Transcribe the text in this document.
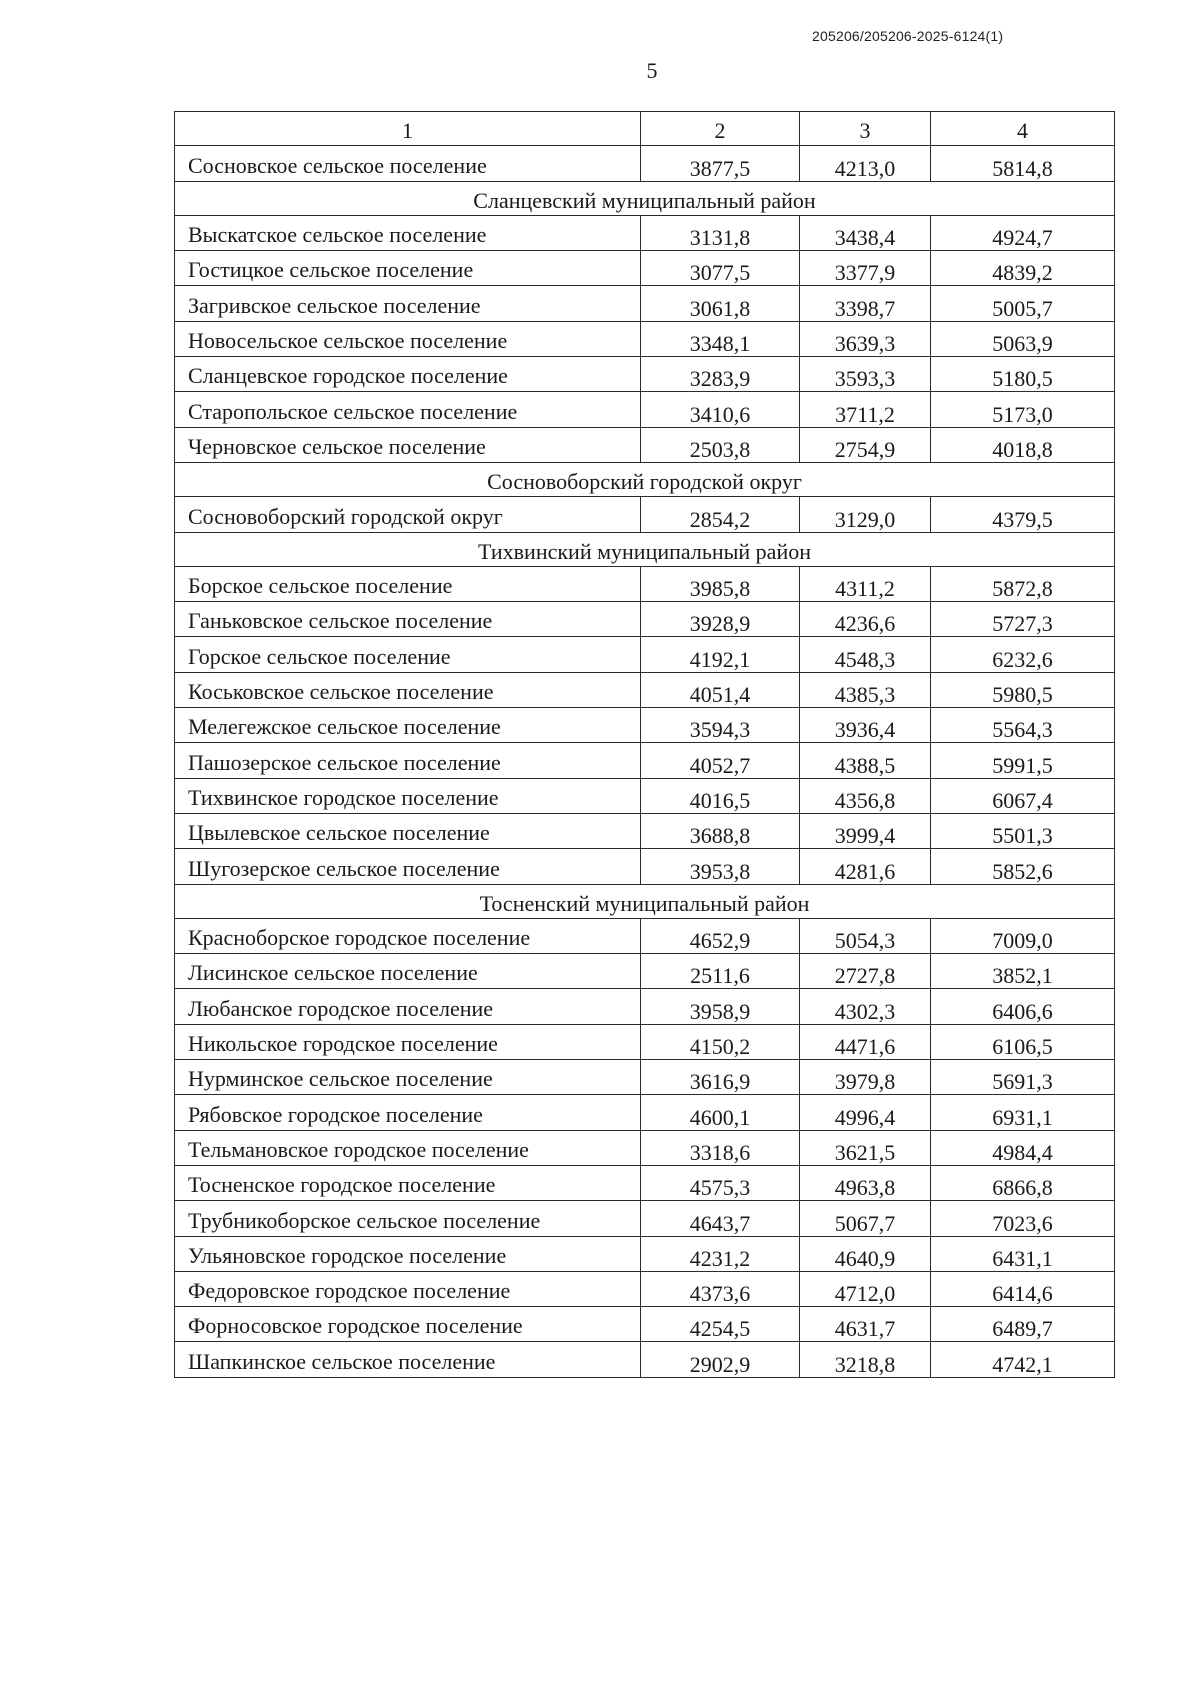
205206/205206-2025-6124(1)
5
1	2	3	4
Сосновское сельское поселение	3877,5	4213,0	5814,8
Сланцевский муниципальный район			
Выскатское сельское поселение	3131,8	3438,4	4924,7
Гостицкое сельское поселение	3077,5	3377,9	4839,2
Загривское сельское поселение	3061,8	3398,7	5005,7
Новосельское сельское поселение	3348,1	3639,3	5063,9
Сланцевское городское поселение	3283,9	3593,3	5180,5
Старопольское сельское поселение	3410,6	3711,2	5173,0
Черновское сельское поселение	2503,8	2754,9	4018,8
Сосновоборский городской округ			
Сосновоборский городской округ	2854,2	3129,0	4379,5
Тихвинский муниципальный район			
Борское сельское поселение	3985,8	4311,2	5872,8
Ганьковское сельское поселение	3928,9	4236,6	5727,3
Горское сельское поселение	4192,1	4548,3	6232,6
Коськовское сельское поселение	4051,4	4385,3	5980,5
Мелегежское сельское поселение	3594,3	3936,4	5564,3
Пашозерское сельское поселение	4052,7	4388,5	5991,5
Тихвинское городское поселение	4016,5	4356,8	6067,4
Цвылевское сельское поселение	3688,8	3999,4	5501,3
Шугозерское сельское поселение	3953,8	4281,6	5852,6
Тосненский муниципальный район			
Красноборское городское поселение	4652,9	5054,3	7009,0
Лисинское сельское поселение	2511,6	2727,8	3852,1
Любанское городское поселение	3958,9	4302,3	6406,6
Никольское городское поселение	4150,2	4471,6	6106,5
Нурминское сельское поселение	3616,9	3979,8	5691,3
Рябовское городское поселение	4600,1	4996,4	6931,1
Тельмановское городское поселение	3318,6	3621,5	4984,4
Тосненское городское поселение	4575,3	4963,8	6866,8
Трубникоборское сельское поселение	4643,7	5067,7	7023,6
Ульяновское городское поселение	4231,2	4640,9	6431,1
Федоровское городское поселение	4373,6	4712,0	6414,6
Форносовское городское поселение	4254,5	4631,7	6489,7
Шапкинское сельское поселение	2902,9	3218,8	4742,1
